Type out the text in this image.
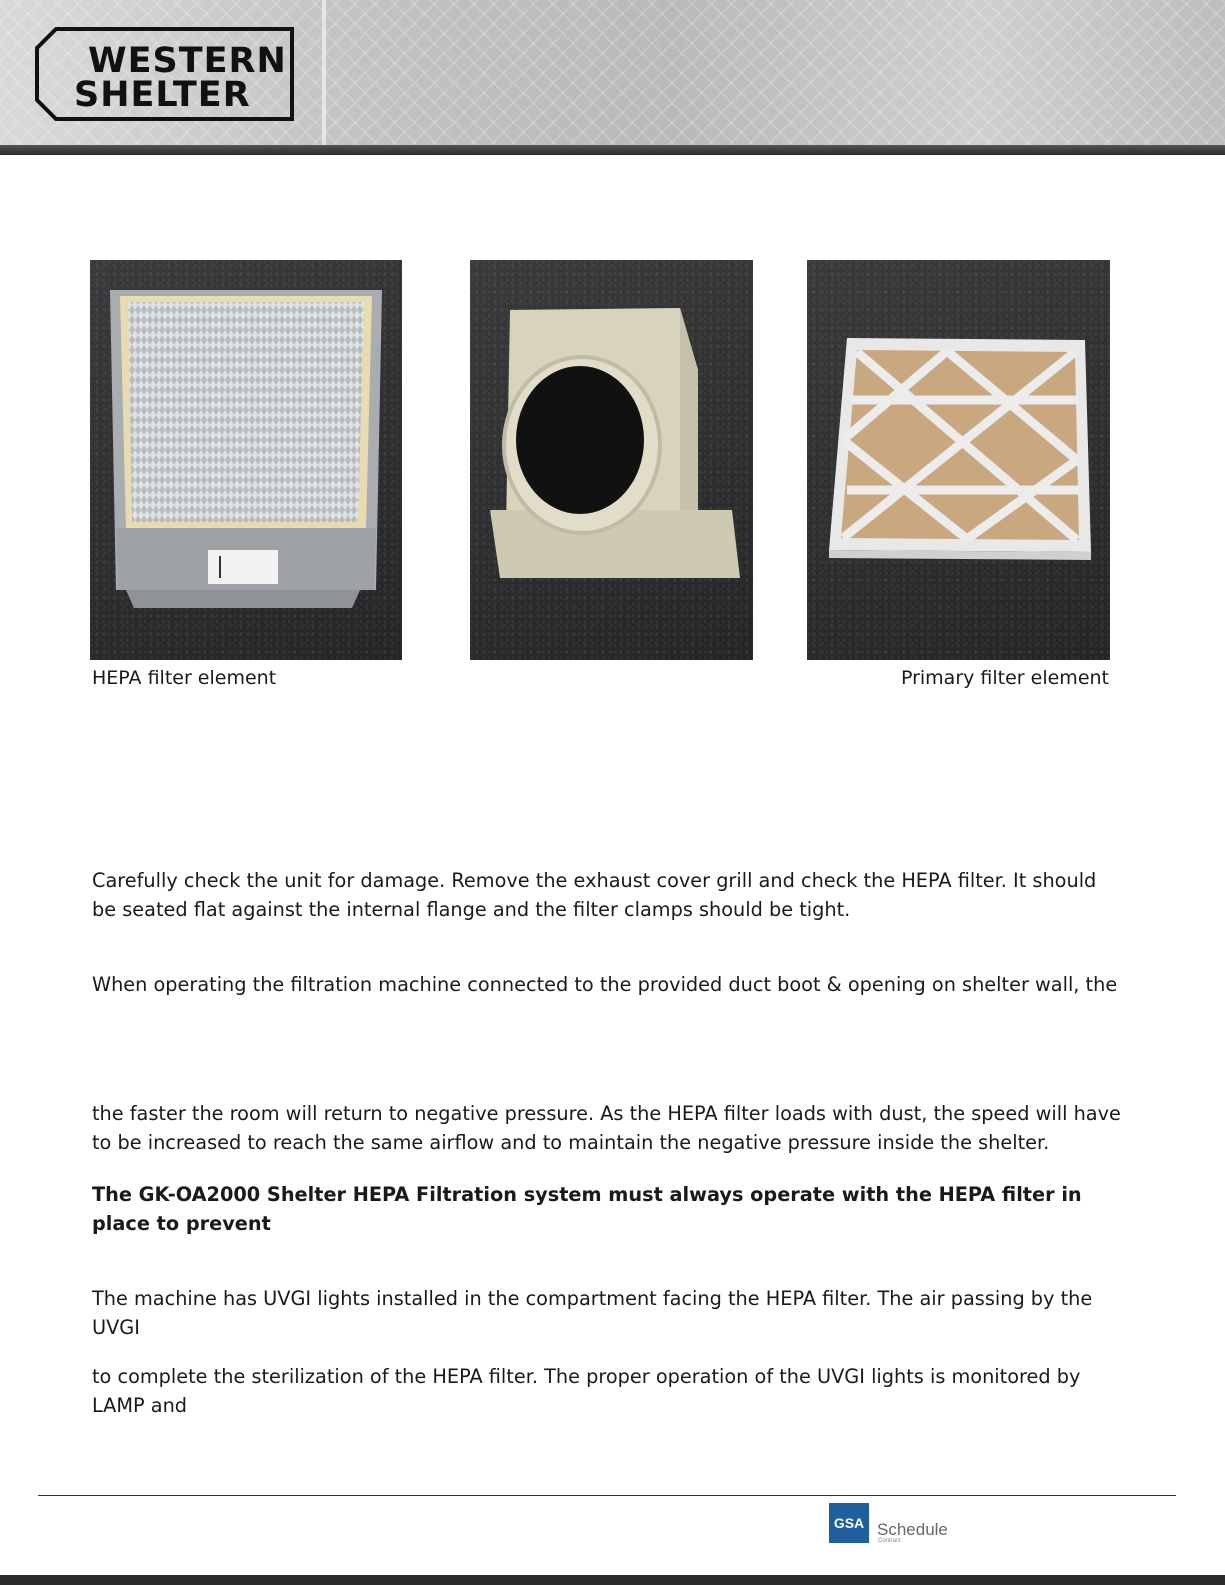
WESTERN
SHELTER
HEPA filter element	Primary filter element
Carefully check the unit for damage. Remove the exhaust cover grill and check the HEPA filter. It should be seated flat against the internal flange and the filter clamps should be tight.
When operating the filtration machine connected to the provided duct boot & opening on shelter wall, the
the faster the room will return to negative pressure. As the HEPA filter loads with dust, the speed will have to be increased to reach the same airflow and to maintain the negative pressure inside the shelter.
The GK-OA2000 Shelter HEPA Filtration system must always operate with the HEPA filter in place to prevent
The machine has UVGI lights installed in the compartment facing the HEPA filter. The air passing by the UVGI
to complete the sterilization of the HEPA filter. The proper operation of the UVGI lights is monitored by LAMP and
GSA Schedule
Contract
